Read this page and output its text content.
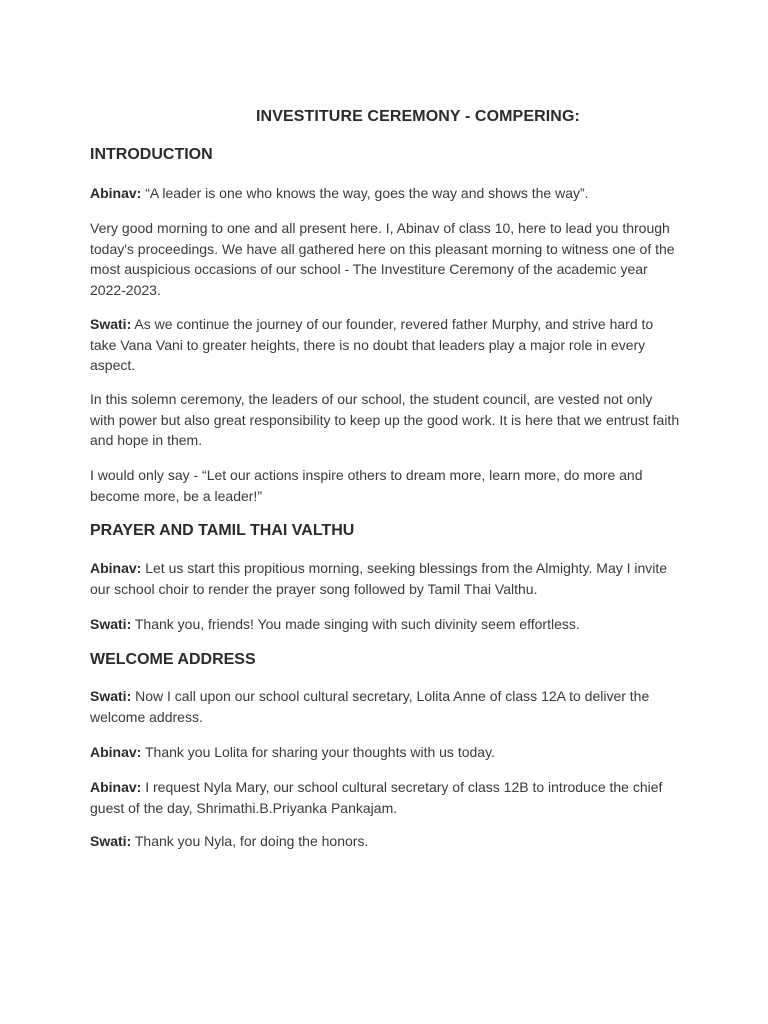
INVESTITURE CEREMONY - COMPERING:
INTRODUCTION

Abinav: “A leader is one who knows the way, goes the way and shows the way”.

Very good morning to one and all present here. I, Abinav of class 10, here to lead you through today's proceedings. We have all gathered here on this pleasant morning to witness one of the most auspicious occasions of our school - The Investiture Ceremony of the academic year 2022-2023.

Swati: As we continue the journey of our founder, revered father Murphy, and strive hard to take Vana Vani to greater heights, there is no doubt that leaders play a major role in every aspect.

In this solemn ceremony, the leaders of our school, the student council, are vested not only with power but also great responsibility to keep up the good work. It is here that we entrust faith and hope in them.

I would only say - “Let our actions inspire others to dream more, learn more, do more and become more, be a leader!”

PRAYER AND TAMIL THAI VALTHU

Abinav: Let us start this propitious morning, seeking blessings from the Almighty. May I invite our school choir to render the prayer song followed by Tamil Thai Valthu.

Swati: Thank you, friends! You made singing with such divinity seem effortless.

WELCOME ADDRESS

Swati: Now I call upon our school cultural secretary, Lolita Anne of class 12A to deliver the welcome address.

Abinav: Thank you Lolita for sharing your thoughts with us today.

Abinav: I request Nyla Mary, our school cultural secretary of class 12B to introduce the chief guest of the day, Shrimathi.B.Priyanka Pankajam.

Swati: Thank you Nyla, for doing the honors.
